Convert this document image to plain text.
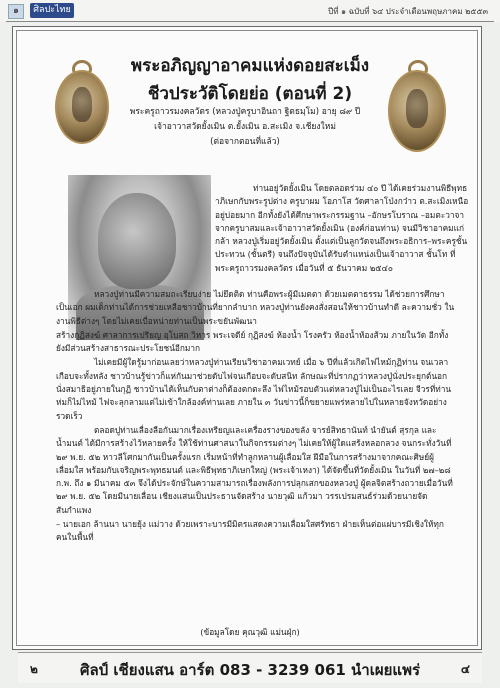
๑	ศิลปะไทย	ปีที่ ๑ ฉบับที่ ๖๔ ประจำเดือนพฤษภาคม ๒๕๕๓
พระอภิญญาอาคมแห่งดอยสะเม็ง
ชีวประวัติโดยย่อ (ตอนที่ 2)
พระครูถาวรมงคลวัตร (หลวงปู่ครูบาอินถา ฐิตธมฺโม) อายุ ๘๙ ปี
เจ้าอาวาสวัดยั้งเมิน ต.ยั้งเมิน อ.สะเมิง จ.เชียงใหม่
(ต่อจากตอนที่แล้ว)

ท่านอยู่วัดยั้งเมิน โดยตลอดร่วม ๔๐ ปี ได้เคยร่วมงานพิธีพุทธาภิเษกกับพระรูปต่าง ครูบาผม โอภาโส วัดศาลาโป่งกว๋าว ต.สะเมิงเหนือ อยู่บ่อยมาก อีกทั้งยังได้ศึกษาพระกรรมฐาน –อักษรโบราณ –อมตะวาจา จากครูบาสมและเจ้าอาวาสวัดยั้งเมิน (องค์ก่อนท่าน) จนมีวิชาอาคมแก่กล้า หลวงปู่เริ่มอยู่วัดยั้งเมิน ตั้งแต่เป็นลูกวัดจนถึงพระอธิการ–พระครูชั้นประทวน (ชั้นตรี) จนถึงปัจจุบันได้รับตำแหน่งเป็นเจ้าอาวาส ชั้นโท ที่พระครูถาวรมงคลวัตร เมื่อวันที่ ๕ ธันวาคม ๒๕๔๐

หลวงปู่ท่านมีความสมถะเรียบง่าย ไม่ยึดติด ท่านคือพระผู้มีเมตตา ด้วยเมตตาธรรม ได้ช่วยการศึกษาเป็นเอก ผมเด็กท่านได้การช่วยเหลือชาวบ้านที่ยากลำบาก หลวงปู่ท่านยังคงสั่งสอนให้ชาวบ้านทำดี ละความชั่ว ในงานพิธีต่างๆ โดยไม่เคยเบื่อหน่ายท่านเป็นพระขยันพัฒนา

สร้างกุฏิสงฆ์ ศาลาการเปรียญ อุโบสถ วิหาร พระเจดีย์ กุฏิสงฆ์ ห้องน้ำ โรงครัว ห้องน้ำห้องส้วม ภายในวัด อีกทั้งยังมีส่วนสร้างสาธารณะประโยชน์อีกมาก

ไม่เคยมีผู้ใดรู้มาก่อนเลยว่าหลวงปู่ท่านเรียนวิชาอาคมเวทย์ เมื่อ ๖ ปีที่แล้วเกิดไฟไหม้กุฏิท่าน จนเวลาเกือบจะทั้งหลัง ชาวบ้านรู้ข่าวก็แห่กันมาช่วยดับไฟจนเกือบจะดับสนิท ลักษณะที่ปรากฏว่าหลวงปู่นั่งประยุกต์นอกนั่งสมาธิอยู่ภายในกุฏิ ชาวบ้านได้เห็นกับตาต่างก็ต้องตกตะลึง ไฟไหม้รอบตัวแต่หลวงปู่ไม่เป็นอะไรเลย จีวรที่ท่านห่มก็ไม่ไหม้ ไฟจะลุกลามแต่ไม่เข้าใกล้องค์ท่านเลย ภายใน ๓ วันข่าวนี้ก็ขยายแพร่หลายไปในหลายจังหวัดอย่างรวดเร็ว

ตลอดปูท่านเลื่องลือกันมากเรื่องเหรียญและเครื่องรางของขลัง จารย์สิทธานันท์ นำยันต์ สุรกุล และน้ำมนต์ ได้มีการสร้างไว้หลายครั้ง ให้ใช้ท่านศาสนาในกิจกรรมต่างๆ ไม่เคยให้ผู้ใดแสร้งหลอกลวง จนกระทั่งวันที่ ๒๙ พ.ย. ๕๒ หาวลีโศกมากันเป็นครั้งแรก เริ่มหน้าที่ทำลูกหลานผู้เลื่อมใส ฝีมือในการสร้างมาจากคณะศิษย์ผู้เลื่อมใส พร้อมกับเจริญพระพุทธมนต์ และพิธีพุทธาภิเษกใหญ่ (พระเจ้าเหงา) ได้จัดขึ้นที่วัดยั้งเมิน ในวันที่ ๒๗–๒๘ ก.พ. ถึง ๑ มีนาคม ๕๓ จึงได้ประจักษ์ในความสามารถเรื่องพลังการปลุกเสกของหลวงปู่ ผู้ดลจิตสร้างถวายเมื่อวันที่ ๒๙ พ.ย. ๕๒ โดยมีนายเลื่อน เชียงแสนเป็นประธานจัดสร้าง นายวุฒิ แก้วมา วรรเปรมสนธ์ร่วมด้วยนายจัด สันกำแพง

– นายเอก ล้านนา นายยุ้ง แม่วาง ด้วยเพราะบารมีมิตรแสดงความเลื่อมใสศรัทธา ฝ่ายเห็นต่อแผ่บารมีเชิงให้ทุกคนในพื้นที่

(ข้อมูลโดย คุณวุฒิ แม่นฝุ่ก)
๒	ศิลป์ เชียงแสน อาร์ต 083 - 3239 061 นำเผยแพร่	๔
